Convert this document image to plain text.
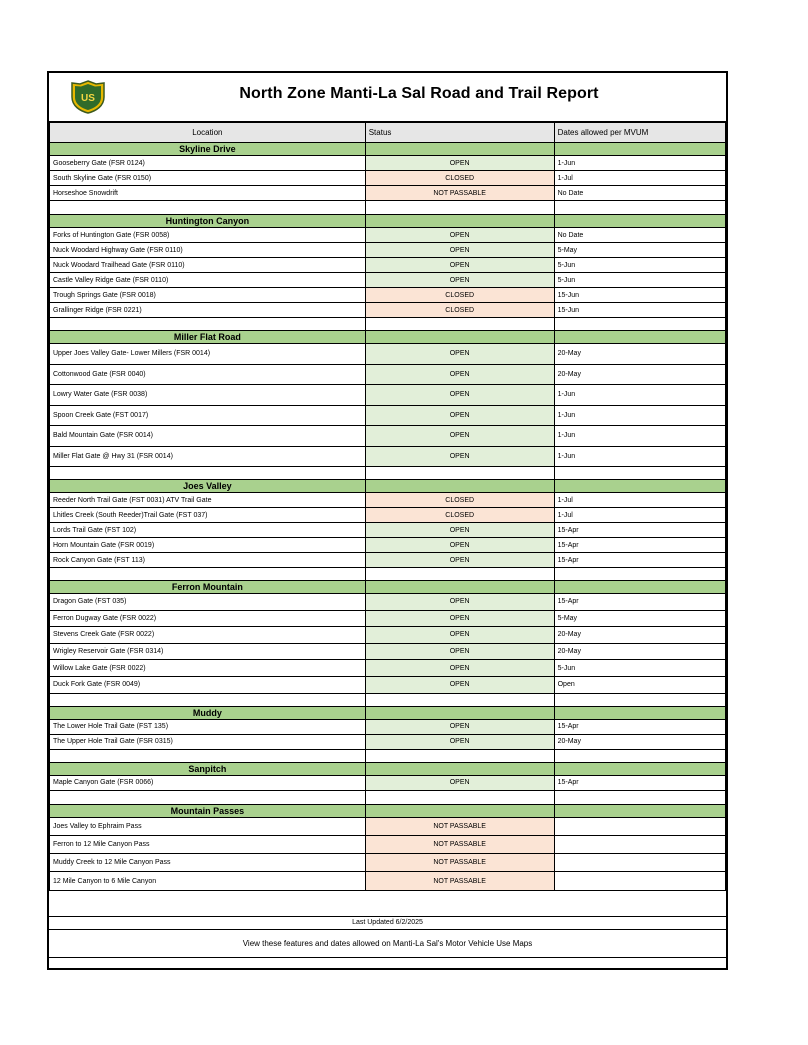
US	North Zone Manti-La Sal Road and Trail Report
Location	Status	Dates allowed per MVUM
Skyline Drive		
Gooseberry Gate (FSR 0124)	OPEN	1-Jun
South Skyline Gate (FSR 0150)	CLOSED	1-Jul
Horseshoe Snowdrift	NOT PASSABLE	No Date

Huntington Canyon		
Forks of Huntington Gate (FSR 0058)	OPEN	No Date
Nuck Woodard Highway Gate (FSR 0110)	OPEN	5-May
Nuck Woodard Trailhead Gate (FSR 0110)	OPEN	5-Jun
Castle Valley Ridge Gate (FSR 0110)	OPEN	5-Jun
Trough Springs Gate (FSR 0018)	CLOSED	15-Jun
Grallinger Ridge (FSR 0221)	CLOSED	15-Jun

Miller Flat Road		
Upper Joes Valley Gate- Lower Millers (FSR 0014)	OPEN	20-May
Cottonwood Gate (FSR 0040)	OPEN	20-May
Lowry Water Gate (FSR 0038)	OPEN	1-Jun
Spoon Creek Gate (FST 0017)	OPEN	1-Jun
Bald Mountain Gate (FSR 0014)	OPEN	1-Jun
Miller Flat Gate @ Hwy 31 (FSR 0014)	OPEN	1-Jun

Joes Valley		
Reeder North Trail Gate (FST 0031) ATV Trail Gate	CLOSED	1-Jul
Lhitles Creek (South Reeder)Trail Gate (FST 037)	CLOSED	1-Jul
Lords Trail Gate (FST 102)	OPEN	15-Apr
Horn Mountain Gate (FSR 0019)	OPEN	15-Apr
Rock Canyon Gate (FST 113)	OPEN	15-Apr

Ferron Mountain		
Dragon Gate (FST 035)	OPEN	15-Apr
Ferron Dugway Gate (FSR 0022)	OPEN	5-May
Stevens Creek Gate (FSR 0022)	OPEN	20-May
Wrigley Reservoir Gate (FSR 0314)	OPEN	20-May
Willow Lake Gate (FSR 0022)	OPEN	5-Jun
Duck Fork Gate (FSR 0049)	OPEN	Open

Muddy		
The Lower Hole Trail Gate (FST 135)	OPEN	15-Apr
The Upper Hole Trail Gate (FSR 0315)	OPEN	20-May

Sanpitch		
Maple Canyon Gate (FSR 0066)	OPEN	15-Apr

Mountain Passes		
Joes Valley to Ephraim Pass	NOT PASSABLE	
Ferron to 12 Mile Canyon Pass	NOT PASSABLE	
Muddy Creek to 12 Mile Canyon Pass	NOT PASSABLE	
12 Mile Canyon to 6 Mile Canyon	NOT PASSABLE	
Last Updated 6/2/2025
View these features and dates allowed on Manti-La Sal's Motor Vehicle Use Maps
